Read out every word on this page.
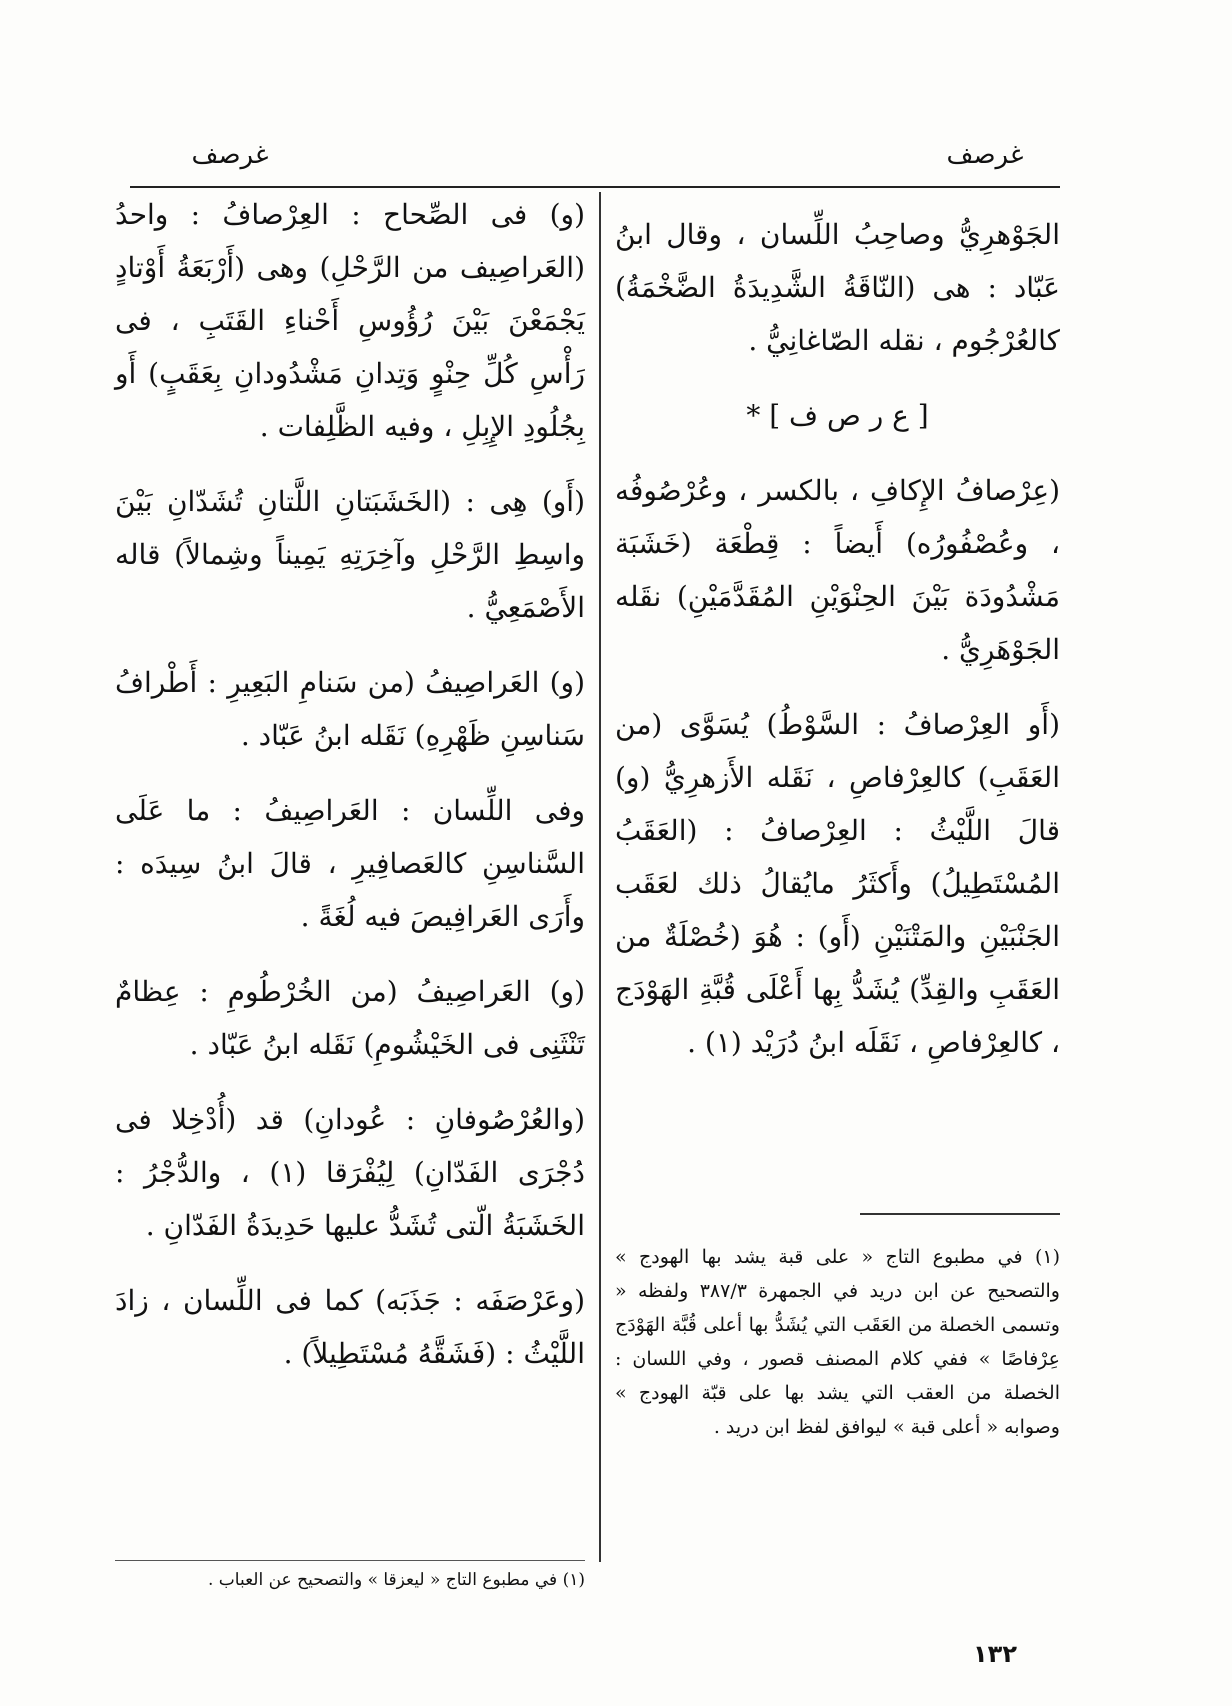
غرصف	غرصف

الجَوْهرِيُّ وصاحِبُ اللِّسان ، وقال ابنُ عَبّاد : هى (النّاقَةُ الشَّدِيدَةُ الضَّخْمَةُ) كالعُرْجُوم ، نقله الصّاغانِيُّ .

[ ع ر ص ف ] *

(عِرْصافُ الإِكافِ ، بالكسر ، وعُرْصُوفُه ، وعُصْفُورُه) أَيضاً : قِطْعَة (خَشَبَة مَشْدُودَة بَيْنَ الحِنْوَيْنِ المُقَدَّمَيْنِ) نقَله الجَوْهَرِيُّ .

(أَو العِرْصافُ : السَّوْطُ) يُسَوَّى (من العَقَبِ) كالعِرْفاصِ ، نَقَله الأَزهرِيُّ (و) قالَ اللَّيْثُ : العِرْصافُ : (العَقَبُ المُسْتَطِيلُ) وأَكثَرُ مايُقالُ ذلك لعَقَب الجَنْبَيْنِ والمَتْنَيْنِ (أَو) : هُوَ (خُصْلَةٌ من العَقَبِ والقِدِّ) يُشَدُّ بِها أَعْلَى قُبَّةِ الهَوْدَج ، كالعِرْفاصِ ، نَقَلَه ابنُ دُرَيْد (١) .

(١) في مطبوع التاج « على قبة يشد بها الهودج » والتصحيح عن ابن دريد في الجمهرة ٣٨٧/٣ ولفظه « وتسمى الخصلة من العَقَب التي يُشَدُّ بها أعلى قُبَّة الهَوْدَج عِرْفاصًا » ففي كلام المصنف قصور ، وفي اللسان : الخصلة من العقب التي يشد بها على قبّة الهودج » وصوابه « أعلى قبة » ليوافق لفظ ابن دريد .

(و) فى الصِّحاح : العِرْصافُ : واحدُ (العَراصِيف من الرَّحْلِ) وهى (أَرْبَعَةُ أَوْتادٍ يَجْمَعْنَ بَيْنَ رُؤُوسِ أَحْناءِ القَتَبِ ، فى رَأْسِ كُلِّ حِنْوٍ وَتِدانِ مَشْدُودانِ بِعَقَبٍ) أَو بِجُلُودِ الإِبِلِ ، وفيه الظَّلِفات .

(أَو) هِى : (الخَشَبَتانِ اللَّتانِ تُشَدّانِ بَيْنَ واسِطِ الرَّحْلِ وآخِرَتِهِ يَمِيناً وشِمالاً) قاله الأَصْمَعِيُّ .

(و) العَراصِيفُ (من سَنامِ البَعِيرِ : أَطْرافُ سَناسِنِ ظَهْرِهِ) نَقَله ابنُ عَبّاد .

وفى اللِّسان : العَراصِيفُ : ما عَلَى السَّناسِنِ كالعَصافِيرِ ، قالَ ابنُ سِيدَه : وأَرَى العَرافِيصَ فيه لُغَةً .

(و) العَراصِيفُ (من الخُرْطُومِ : عِظامٌ تَنْثَنِى فى الخَيْشُومِ) نَقَله ابنُ عَبّاد .

(والعُرْصُوفانِ : عُودانِ) قد (أُدْخِلا فى دُجْرَى الفَدّانِ) لِيُفْرَقا (١) ، والدُّجْرُ : الخَشَبَةُ الّتى تُشَدُّ عليها حَدِيدَةُ الفَدّانِ .

(وعَرْصَفَه : جَذَبَه) كما فى اللِّسان ، زادَ اللَّيْثُ : (فَشَقَّهُ مُسْتَطِيلاً) .

(١) في مطبوع التاج « ليعزقا » والتصحيح عن العباب .
١٣٢
